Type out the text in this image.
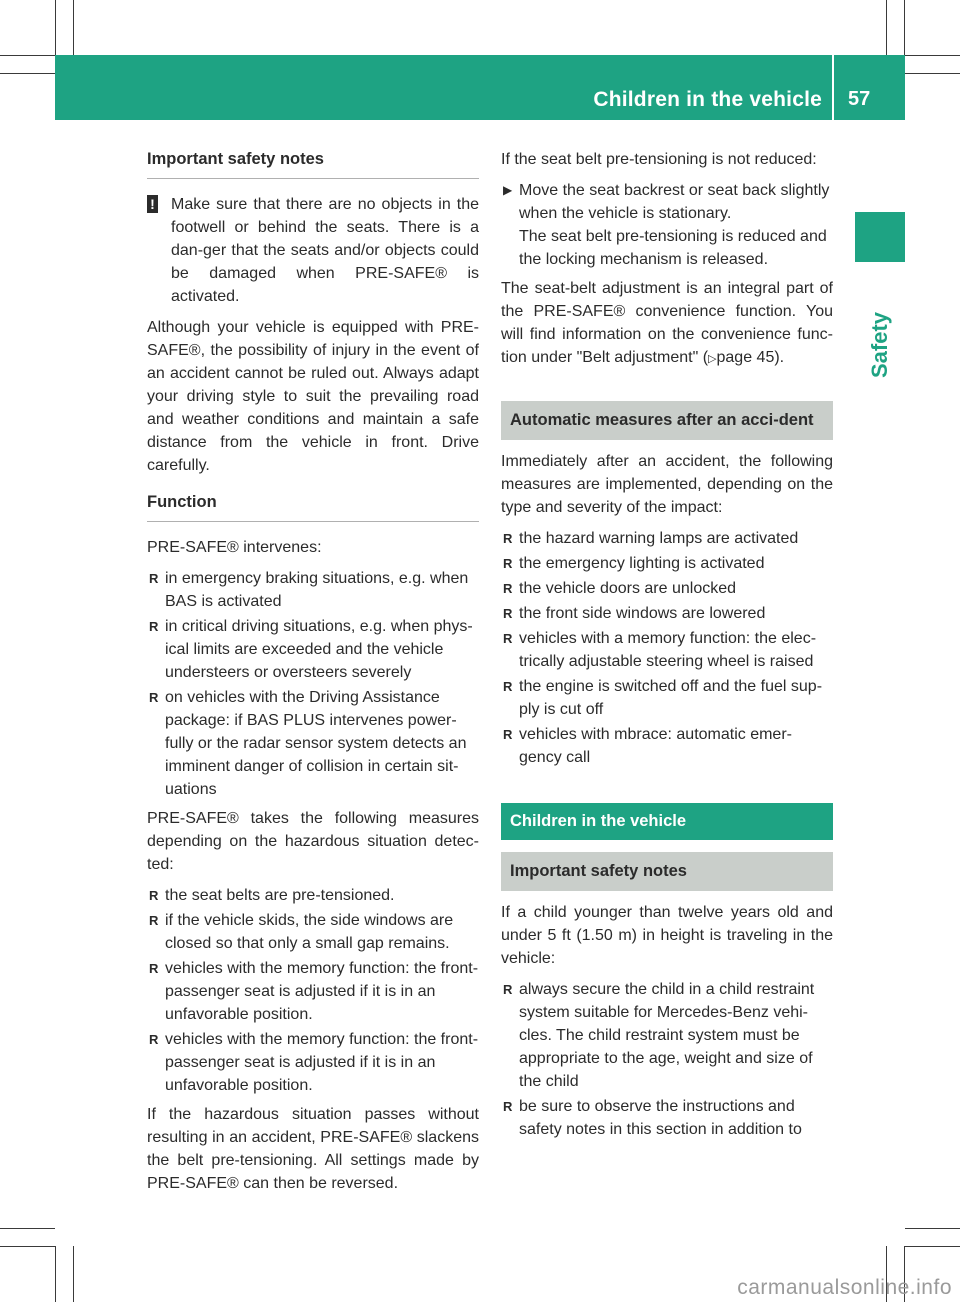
Children in the vehicle 57
Safety
Important safety notes
! Make sure that there are no objects in the footwell or behind the seats. There is a dan-ger that the seats and/or objects could be damaged when PRE-SAFE® is activated.

Although your vehicle is equipped with PRE-SAFE®, the possibility of injury in the event of an accident cannot be ruled out. Always adapt your driving style to suit the prevailing road and weather conditions and maintain a safe distance from the vehicle in front. Drive carefully.

Function

PRE-SAFE® intervenes:

R in emergency braking situations, e.g. when BAS is activated
R in critical driving situations, e.g. when phys-ical limits are exceeded and the vehicle understeers or oversteers severely
R on vehicles with the Driving Assistance package: if BAS PLUS intervenes power-fully or the radar sensor system detects an imminent danger of collision in certain sit-uations

PRE-SAFE® takes the following measures depending on the hazardous situation detec-ted:

R the seat belts are pre-tensioned.
R if the vehicle skids, the side windows are closed so that only a small gap remains.
R vehicles with the memory function: the front-passenger seat is adjusted if it is in an unfavorable position.
R vehicles with the memory function: the front-passenger seat is adjusted if it is in an unfavorable position.

If the hazardous situation passes without resulting in an accident, PRE-SAFE® slackens the belt pre-tensioning. All settings made by PRE-SAFE® can then be reversed.

If the seat belt pre-tensioning is not reduced:

▶ Move the seat backrest or seat back slightly when the vehicle is stationary.
The seat belt pre-tensioning is reduced and the locking mechanism is released.

The seat-belt adjustment is an integral part of the PRE-SAFE® convenience function. You will find information on the convenience func-tion under "Belt adjustment" (▷page 45).

Automatic measures after an acci-dent

Immediately after an accident, the following measures are implemented, depending on the type and severity of the impact:

R the hazard warning lamps are activated
R the emergency lighting is activated
R the vehicle doors are unlocked
R the front side windows are lowered
R vehicles with a memory function: the elec-trically adjustable steering wheel is raised
R the engine is switched off and the fuel sup-ply is cut off
R vehicles with mbrace: automatic emer-gency call
Children in the vehicle
Important safety notes

If a child younger than twelve years old and under 5 ft (1.50 m) in height is traveling in the vehicle:

R always secure the child in a child restraint system suitable for Mercedes-Benz vehi-cles. The child restraint system must be appropriate to the age, weight and size of the child
R be sure to observe the instructions and safety notes in this section in addition to
carmanualsonline.info
